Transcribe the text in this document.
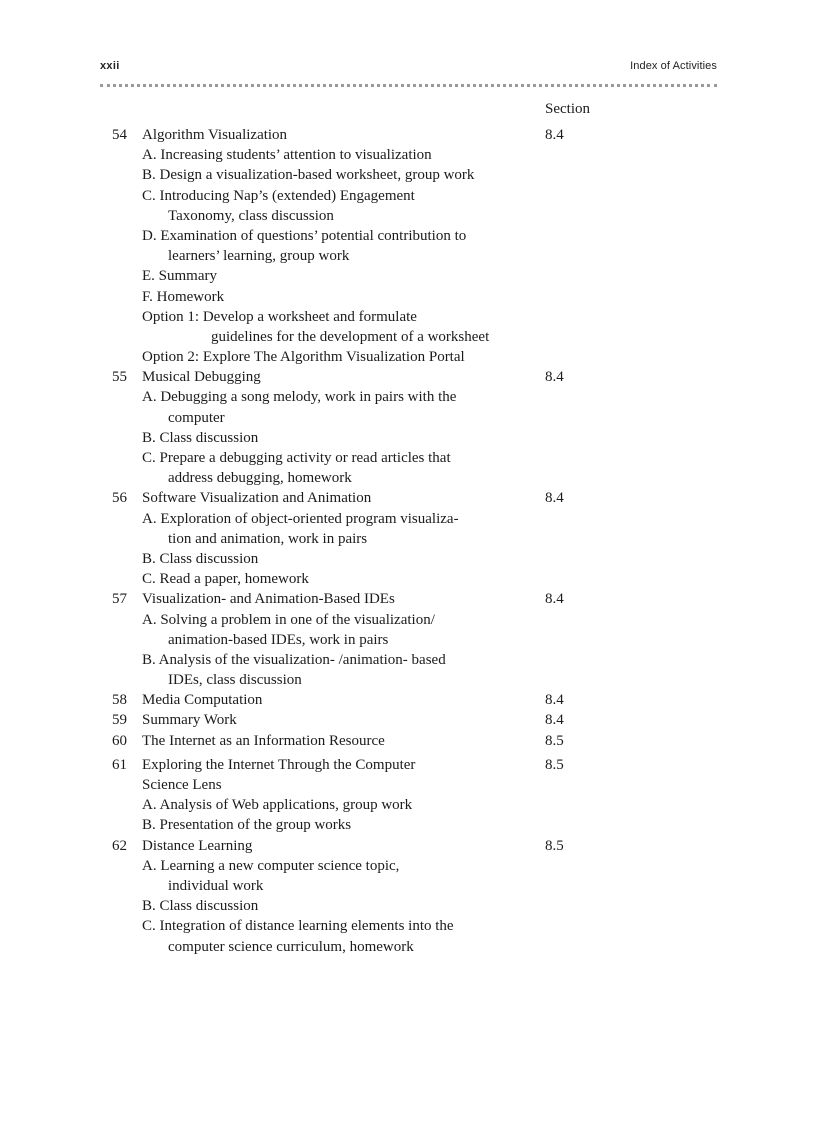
xxii	Index of Activities
Section
54 Algorithm Visualization	8.4
A. Increasing students’ attention to visualization
B. Design a visualization-based worksheet, group work
C. Introducing Nap’s (extended) Engagement
Taxonomy, class discussion
D. Examination of questions’ potential contribution to
learners’ learning, group work
E. Summary
F. Homework
Option 1: Develop a worksheet and formulate
guidelines for the development of a worksheet
Option 2: Explore The Algorithm Visualization Portal
55 Musical Debugging	8.4
A. Debugging a song melody, work in pairs with the
computer
B. Class discussion
C. Prepare a debugging activity or read articles that
address debugging, homework
56 Software Visualization and Animation	8.4
A. Exploration of object-oriented program visualiza-
tion and animation, work in pairs
B. Class discussion
C. Read a paper, homework
57 Visualization- and Animation-Based IDEs	8.4
A. Solving a problem in one of the visualization/
animation-based IDEs, work in pairs
B. Analysis of the visualization- /animation- based
IDEs, class discussion
58 Media Computation	8.4
59 Summary Work	8.4
60 The Internet as an Information Resource	8.5
61 Exploring the Internet Through the Computer	8.5
Science Lens
A. Analysis of Web applications, group work
B. Presentation of the group works
62 Distance Learning	8.5
A. Learning a new computer science topic,
individual work
B. Class discussion
C. Integration of distance learning elements into the
computer science curriculum, homework
